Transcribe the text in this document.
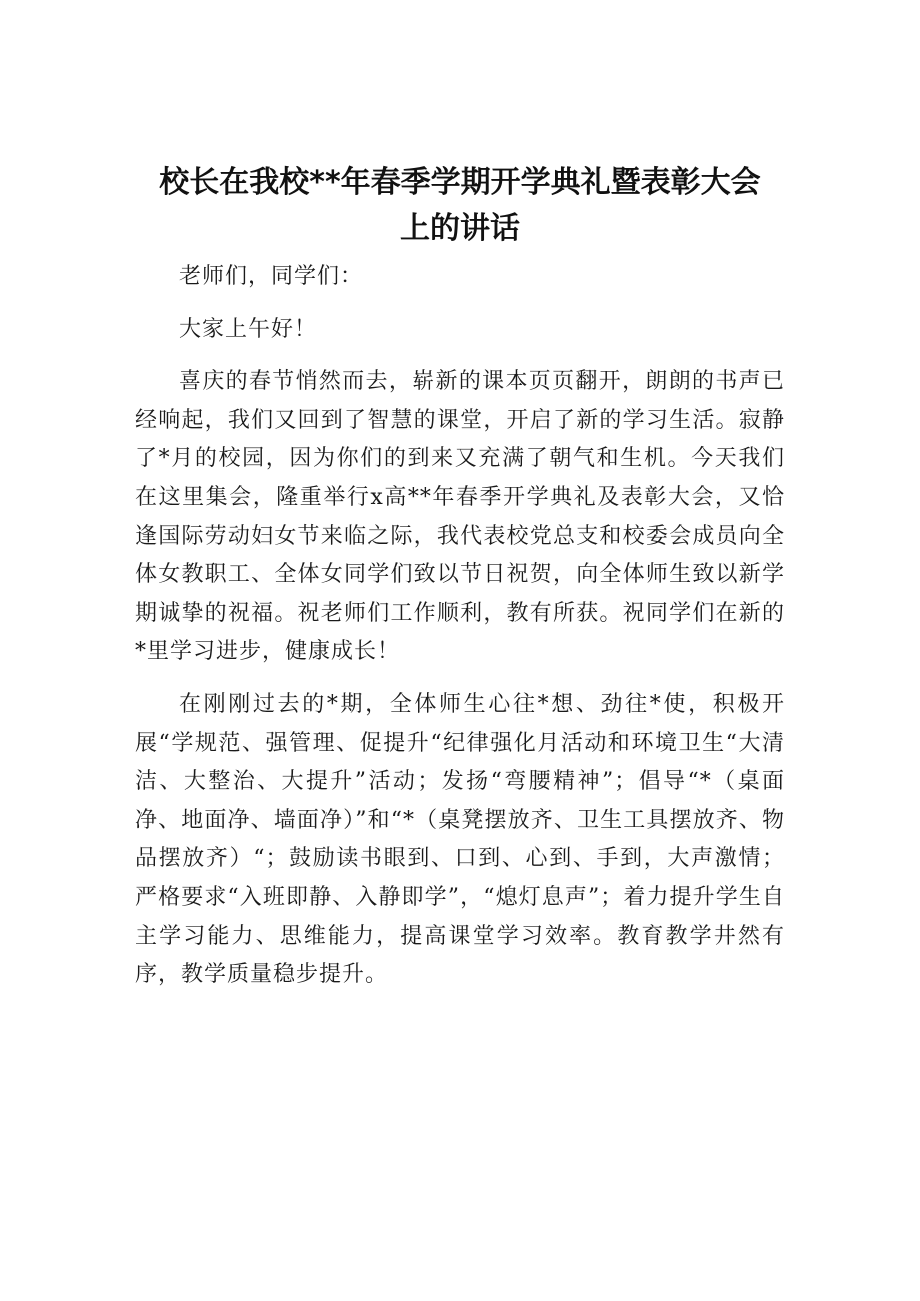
校长在我校**年春季学期开学典礼暨表彰大会
上的讲话

老师们，同学们：

大家上午好！

喜庆的春节悄然而去，崭新的课本页页翻开，朗朗的书声已经响起，我们又回到了智慧的课堂，开启了新的学习生活。寂静了*月的校园，因为你们的到来又充满了朝气和生机。今天我们在这里集会，隆重举行x高**年春季开学典礼及表彰大会，又恰逢国际劳动妇女节来临之际，我代表校党总支和校委会成员向全体女教职工、全体女同学们致以节日祝贺，向全体师生致以新学期诚挚的祝福。祝老师们工作顺利，教有所获。祝同学们在新的*里学习进步，健康成长！

在刚刚过去的*期，全体师生心往*想、劲往*使，积极开展“学规范、强管理、促提升“纪律强化月活动和环境卫生“大清洁、大整治、大提升”活动；发扬“弯腰精神”；倡导“*（桌面净、地面净、墙面净）”和“*（桌凳摆放齐、卫生工具摆放齐、物品摆放齐）“；鼓励读书眼到、口到、心到、手到，大声激情；严格要求“入班即静、入静即学”，“熄灯息声”；着力提升学生自主学习能力、思维能力，提高课堂学习效率。教育教学井然有序，教学质量稳步提升。
